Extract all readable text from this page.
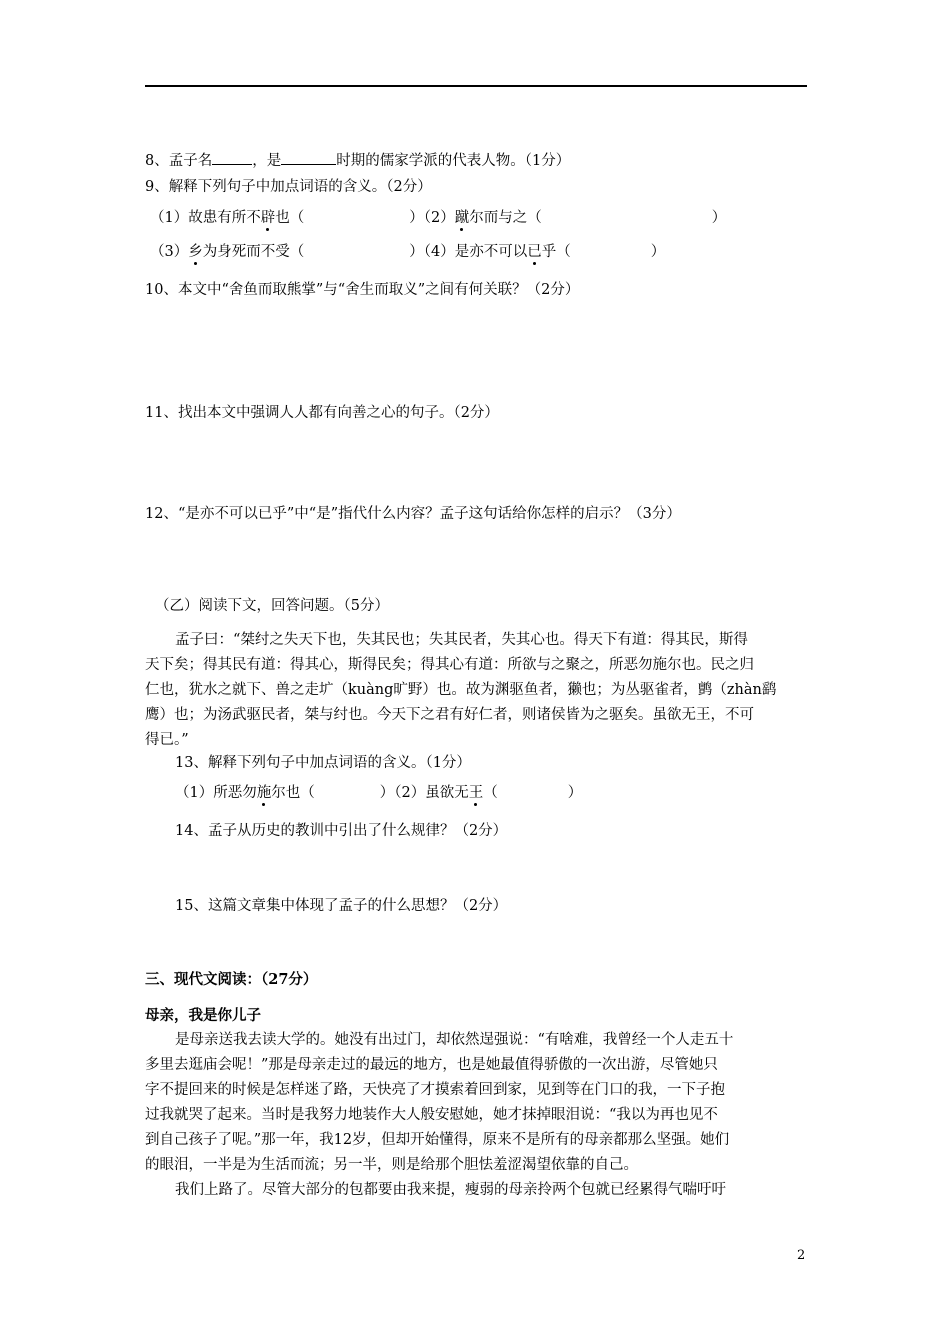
8、孟子名	，是	时期的儒家学派的代表人物。（1分）
9、解释下列句子中加点词语的含义。（2分）
（1）故患有所不辟也（	）（2）蹴尔而与之（	）
（3）乡为身死而不受（	）（4）是亦不可以已乎（	）
10、本文中“舍鱼而取熊掌”与“舍生而取义”之间有何关联？（2分）
11、找出本文中强调人人都有向善之心的句子。（2分）
12、“是亦不可以已乎”中“是”指代什么内容？孟子这句话给你怎样的启示？（3分）
（乙）阅读下文，回答问题。（5分）
孟子曰：“桀纣之失天下也，失其民也；失其民者，失其心也。得天下有道：得其民，斯得
天下矣；得其民有道：得其心，斯得民矣；得其心有道：所欲与之聚之，所恶勿施尔也。民之归
仁也，犹水之就下、兽之走圹（kuàng旷野）也。故为渊驱鱼者，獭也；为丛驱雀者，鹯（zhàn鹞
鹰）也；为汤武驱民者，桀与纣也。今天下之君有好仁者，则诸侯皆为之驱矣。虽欲无王，不可
得已。”
13、解释下列句子中加点词语的含义。（1分）
（1）所恶勿施尔也（	）（2）虽欲无王（	）
14、孟子从历史的教训中引出了什么规律？（2分）
15、这篇文章集中体现了孟子的什么思想？（2分）
三、现代文阅读：（27分）
母亲，我是你儿子
是母亲送我去读大学的。她没有出过门，却依然逞强说：“有啥难，我曾经一个人走五十
多里去逛庙会呢！”那是母亲走过的最远的地方，也是她最值得骄傲的一次出游，尽管她只
字不提回来的时候是怎样迷了路，天快亮了才摸索着回到家，见到等在门口的我，一下子抱
过我就哭了起来。当时是我努力地装作大人般安慰她，她才抹掉眼泪说：“我以为再也见不
到自己孩子了呢。”那一年，我12岁，但却开始懂得，原来不是所有的母亲都那么坚强。她们
的眼泪，一半是为生活而流；另一半，则是给那个胆怯羞涩渴望依靠的自己。
我们上路了。尽管大部分的包都要由我来提，瘦弱的母亲拎两个包就已经累得气喘吁吁
2
